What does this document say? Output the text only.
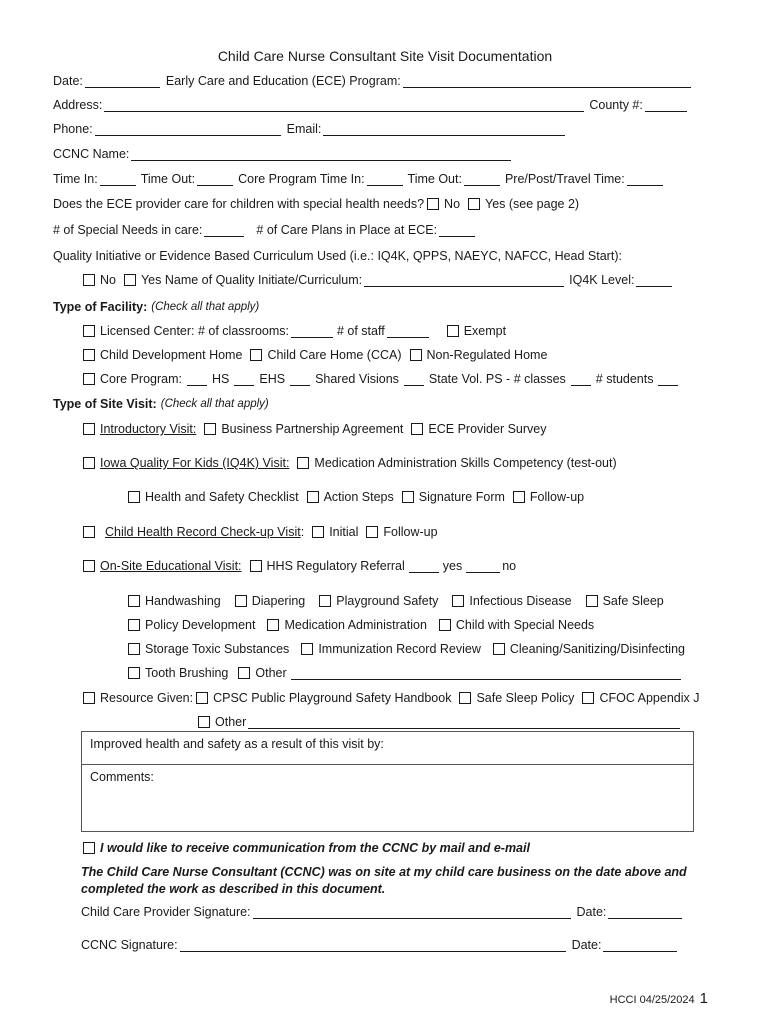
Child Care Nurse Consultant Site Visit Documentation
Date:	Early Care and Education (ECE) Program:
Address:	County #:
Phone:	Email:
CCNC Name:
Time In:	Time Out:	Core Program Time In:	Time Out:	Pre/Post/Travel Time:
Does the ECE provider care for children with special health needs? No Yes (see page 2)
# of Special Needs in care:	# of Care Plans in Place at ECE:
Quality Initiative or Evidence Based Curriculum Used (i.e.: IQ4K, QPPS, NAEYC, NAFCC, Head Start):
No Yes Name of Quality Initiate/Curriculum:	IQ4K Level:
Type of Facility: (Check all that apply)
Licensed Center: # of classrooms:	# of staff	Exempt
Child Development Home Child Care Home (CCA) Non-Regulated Home
Core Program: HS EHS Shared Visions State Vol. PS - # classes # students
Type of Site Visit: (Check all that apply)
Introductory Visit: Business Partnership Agreement ECE Provider Survey
Iowa Quality For Kids (IQ4K) Visit: Medication Administration Skills Competency (test-out)
Health and Safety Checklist Action Steps Signature Form Follow-up
Child Health Record Check-up Visit : Initial Follow-up
On-Site Educational Visit: HHS Regulatory Referral	yes	no
Handwashing Diapering Playground Safety Infectious Disease Safe Sleep
Policy Development Medication Administration Child with Special Needs
Storage Toxic Substances Immunization Record Review Cleaning/Sanitizing/Disinfecting
Tooth Brushing Other
Resource Given: CPSC Public Playground Safety Handbook Safe Sleep Policy CFOC Appendix J
Other
Improved health and safety as a result of this visit by:
Comments:
I would like to receive communication from the CCNC by mail and e-mail
The Child Care Nurse Consultant (CCNC) was on site at my child care business on the date above and completed the work as described in this document.
Child Care Provider Signature:	Date:
CCNC Signature:	Date:
HCCI 04/25/2024 1
